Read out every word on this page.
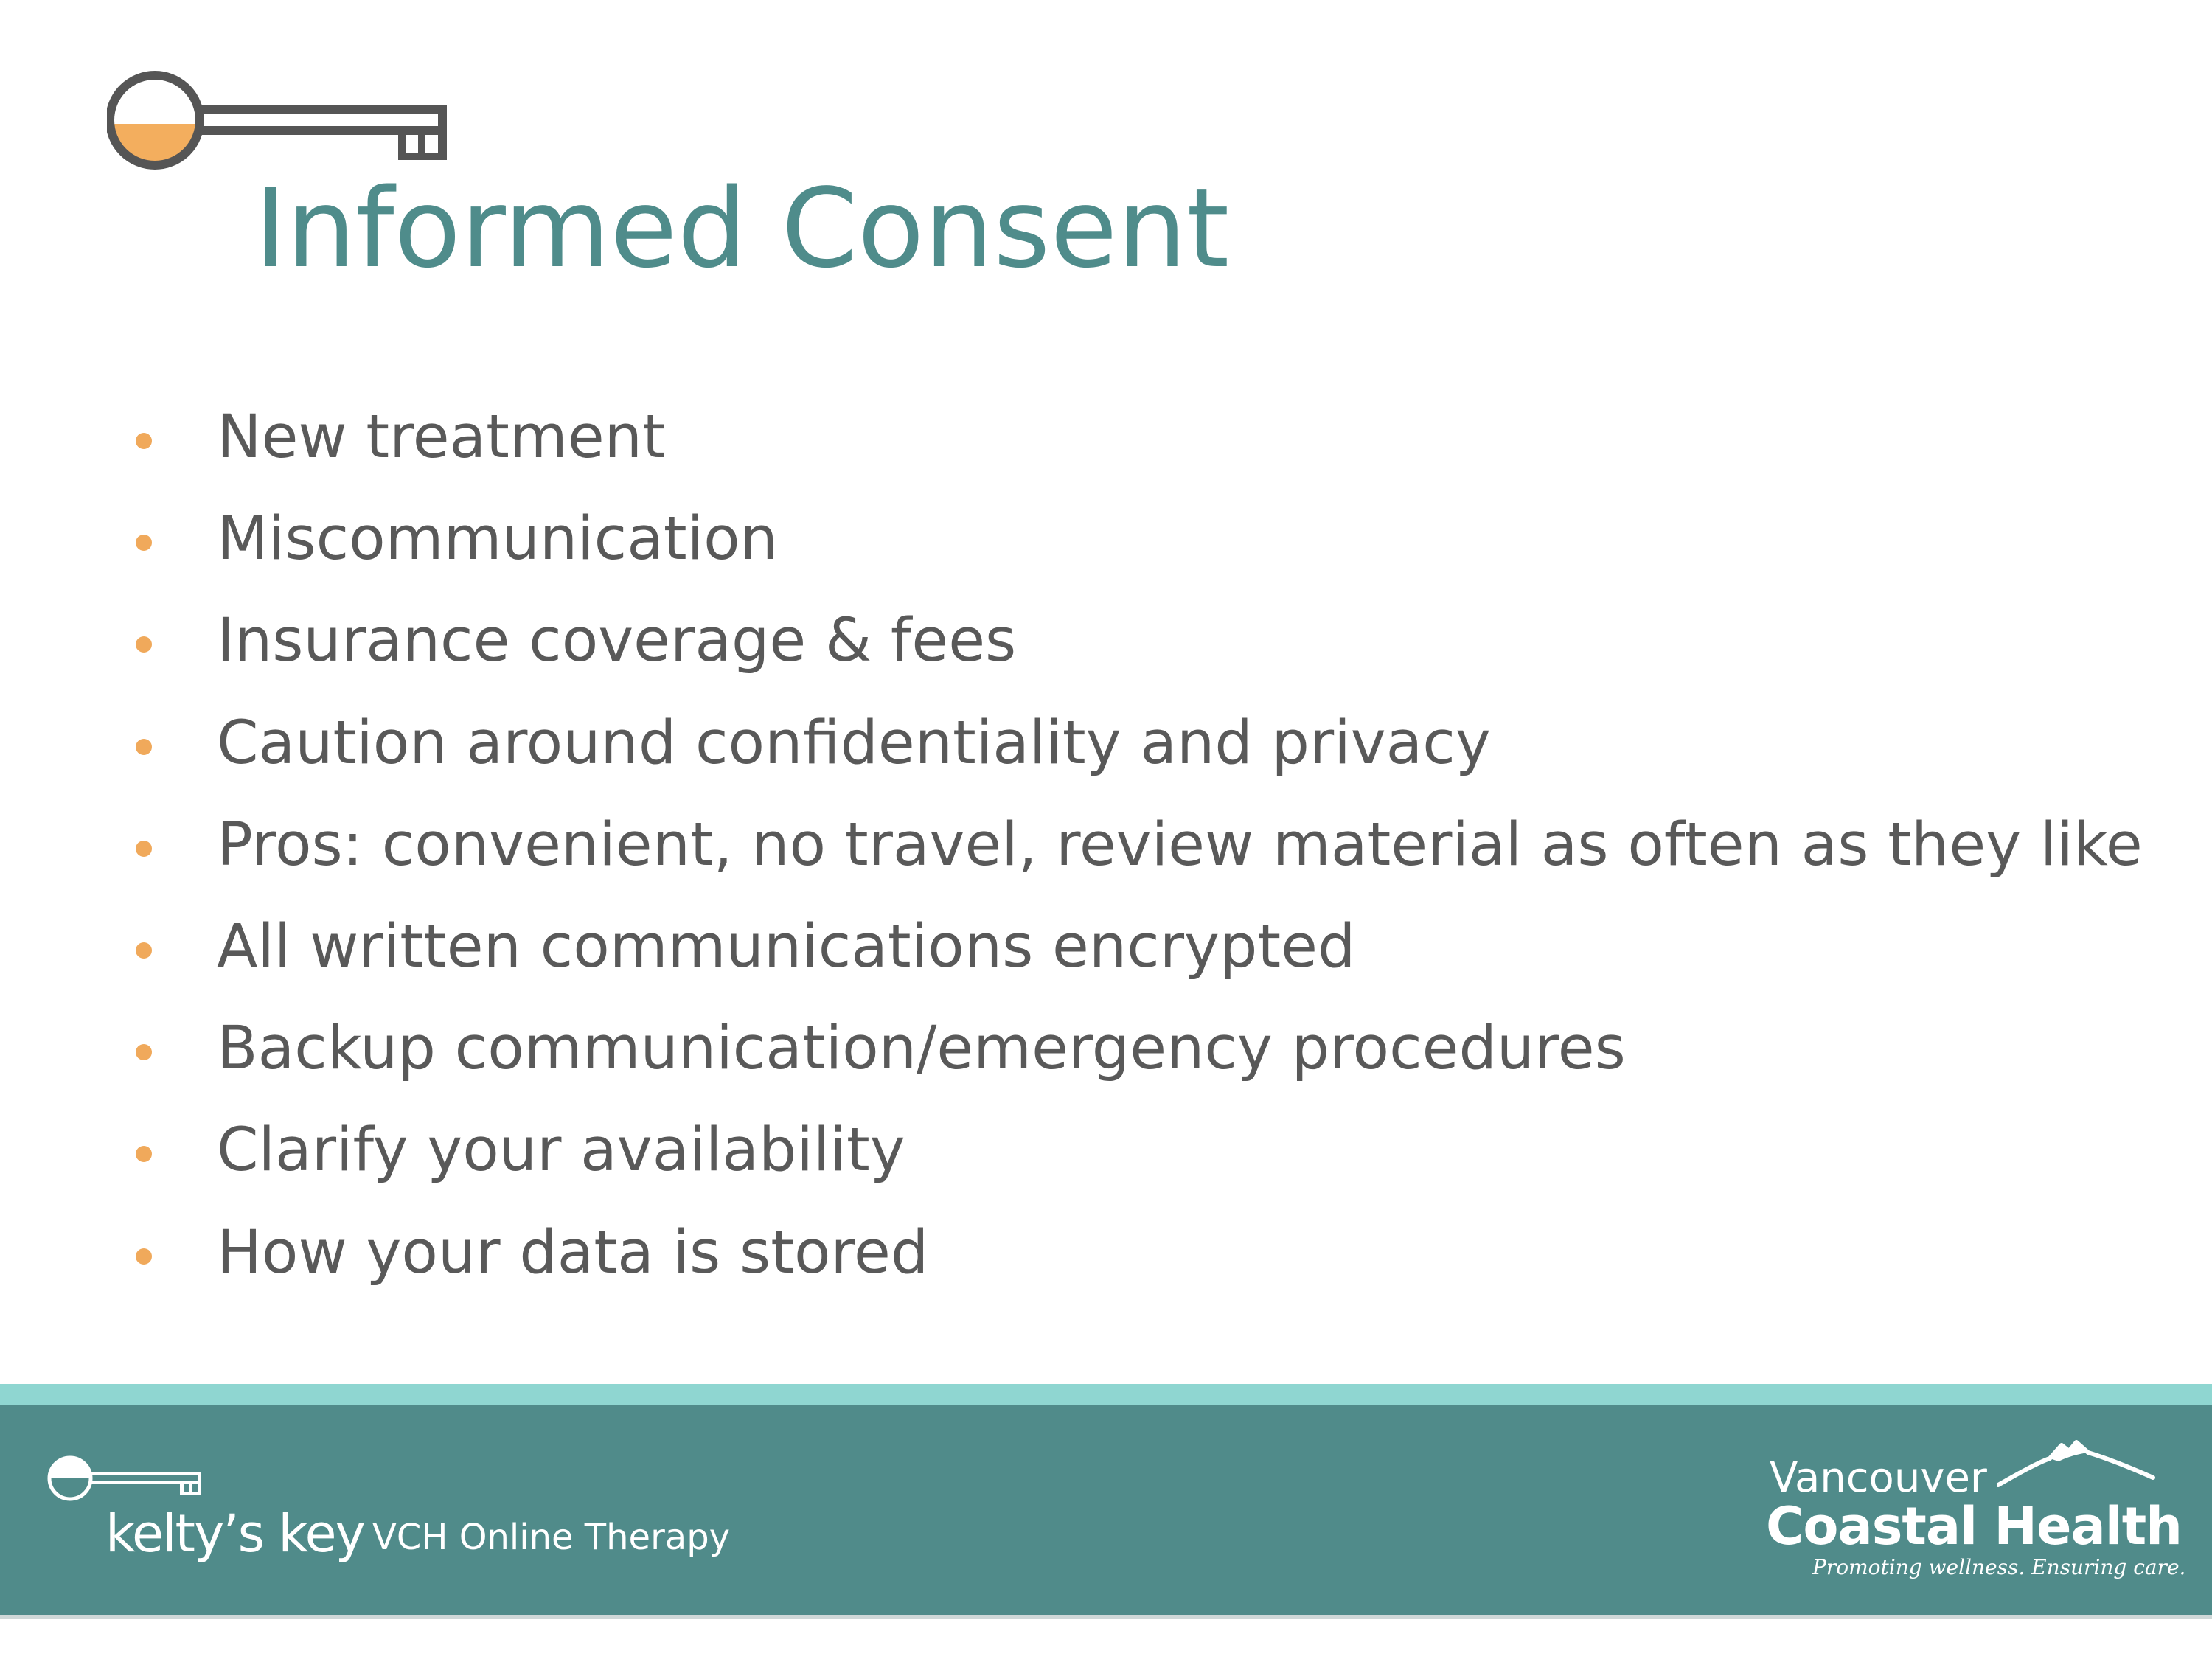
Informed Consent
New treatment
Miscommunication
Insurance coverage & fees
Caution around confidentiality and privacy
Pros: convenient, no travel, review material as often as they like
All written communications encrypted
Backup communication/emergency procedures
Clarify your availability
How your data is stored
kelty’s key VCH Online Therapy
Vancouver
Coastal Health
Promoting wellness. Ensuring care.
